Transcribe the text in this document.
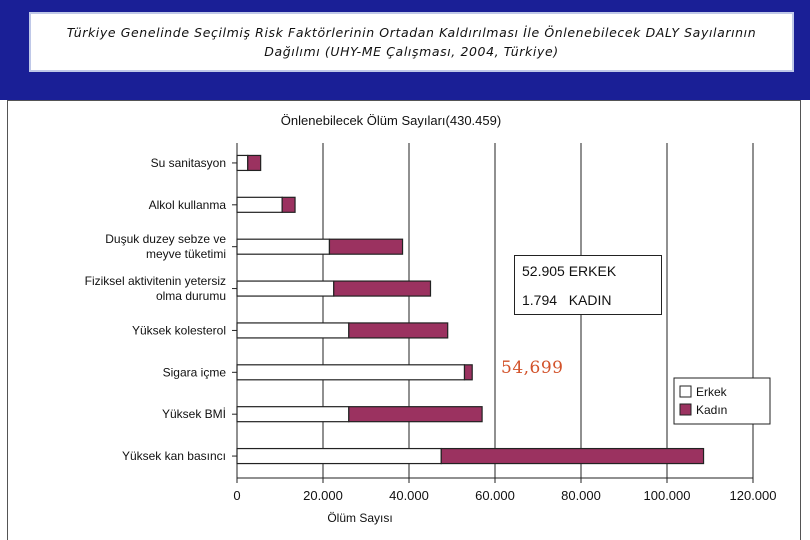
Türkiye Genelinde Seçilmiş Risk Faktörlerinin Ortadan Kaldırılması İle Önlenebilecek DALY Sayılarının
Dağılımı (UHY-ME Çalışması, 2004, Türkiye)
Önlenebilecek Ölüm Sayıları(430.459)
0	20.000	40.000	60.000	80.000	100.000	120.000
Ölüm Sayısı
Su sanitasyon
Alkol kullanma
Duşuk duzey sebze ve
meyve tüketimi
Fiziksel aktivitenin yetersiz
olma durumu
Yüksek kolesterol
Sigara içme
Yüksek BMİ
Yüksek kan basıncı
Erkek
Kadın
52.905 ERKEK
1.794   KADIN
54,699
